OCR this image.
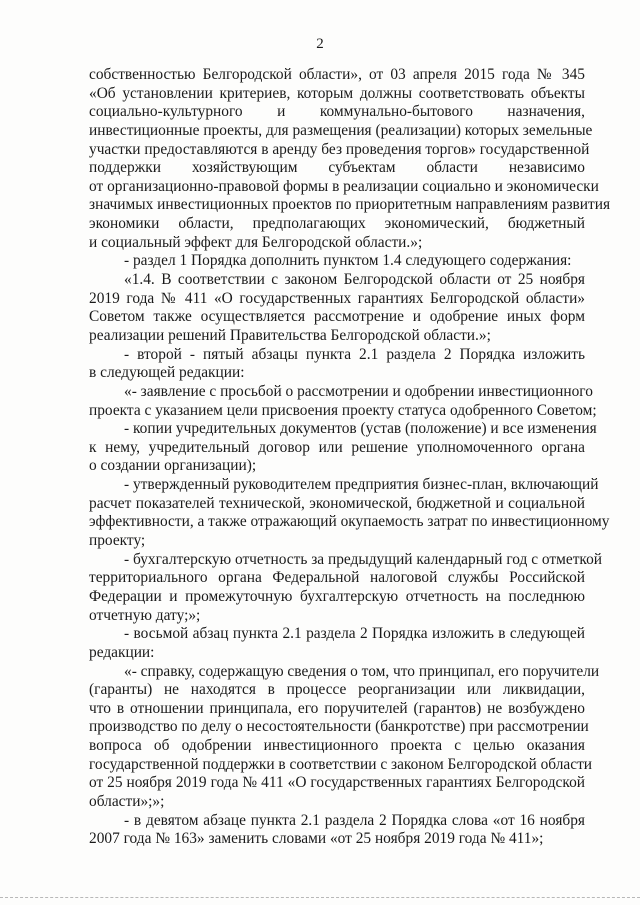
2
собственностью Белгородской области», от 03 апреля 2015 года № 345
«Об установлении критериев, которым должны соответствовать объекты
социально-культурного и коммунально-бытового назначения,
инвестиционные проекты, для размещения (реализации) которых земельные
участки предоставляются в аренду без проведения торгов» государственной
поддержки хозяйствующим субъектам области независимо
от организационно-правовой формы в реализации социально и экономически
значимых инвестиционных проектов по приоритетным направлениям развития
экономики области, предполагающих экономический, бюджетный
и социальный эффект для Белгородской области.»;
- раздел 1 Порядка дополнить пунктом 1.4 следующего содержания:
«1.4. В соответствии с законом Белгородской области от 25 ноября
2019 года № 411 «О государственных гарантиях Белгородской области»
Советом также осуществляется рассмотрение и одобрение иных форм
реализации решений Правительства Белгородской области.»;
- второй - пятый абзацы пункта 2.1 раздела 2 Порядка изложить
в следующей редакции:
«- заявление с просьбой о рассмотрении и одобрении инвестиционного
проекта с указанием цели присвоения проекту статуса одобренного Советом;
- копии учредительных документов (устав (положение) и все изменения
к нему, учредительный договор или решение уполномоченного органа
о создании организации);
- утвержденный руководителем предприятия бизнес-план, включающий
расчет показателей технической, экономической, бюджетной и социальной
эффективности, а также отражающий окупаемость затрат по инвестиционному
проекту;
- бухгалтерскую отчетность за предыдущий календарный год с отметкой
территориального органа Федеральной налоговой службы Российской
Федерации и промежуточную бухгалтерскую отчетность на последнюю
отчетную дату;»;
- восьмой абзац пункта 2.1 раздела 2 Порядка изложить в следующей
редакции:
«- справку, содержащую сведения о том, что принципал, его поручители
(гаранты) не находятся в процессе реорганизации или ликвидации,
что в отношении принципала, его поручителей (гарантов) не возбуждено
производство по делу о несостоятельности (банкротстве) при рассмотрении
вопроса об одобрении инвестиционного проекта с целью оказания
государственной поддержки в соответствии с законом Белгородской области
от 25 ноября 2019 года № 411 «О государственных гарантиях Белгородской
области»;»;
- в девятом абзаце пункта 2.1 раздела 2 Порядка слова «от 16 ноября
2007 года № 163» заменить словами «от 25 ноября 2019 года № 411»;
